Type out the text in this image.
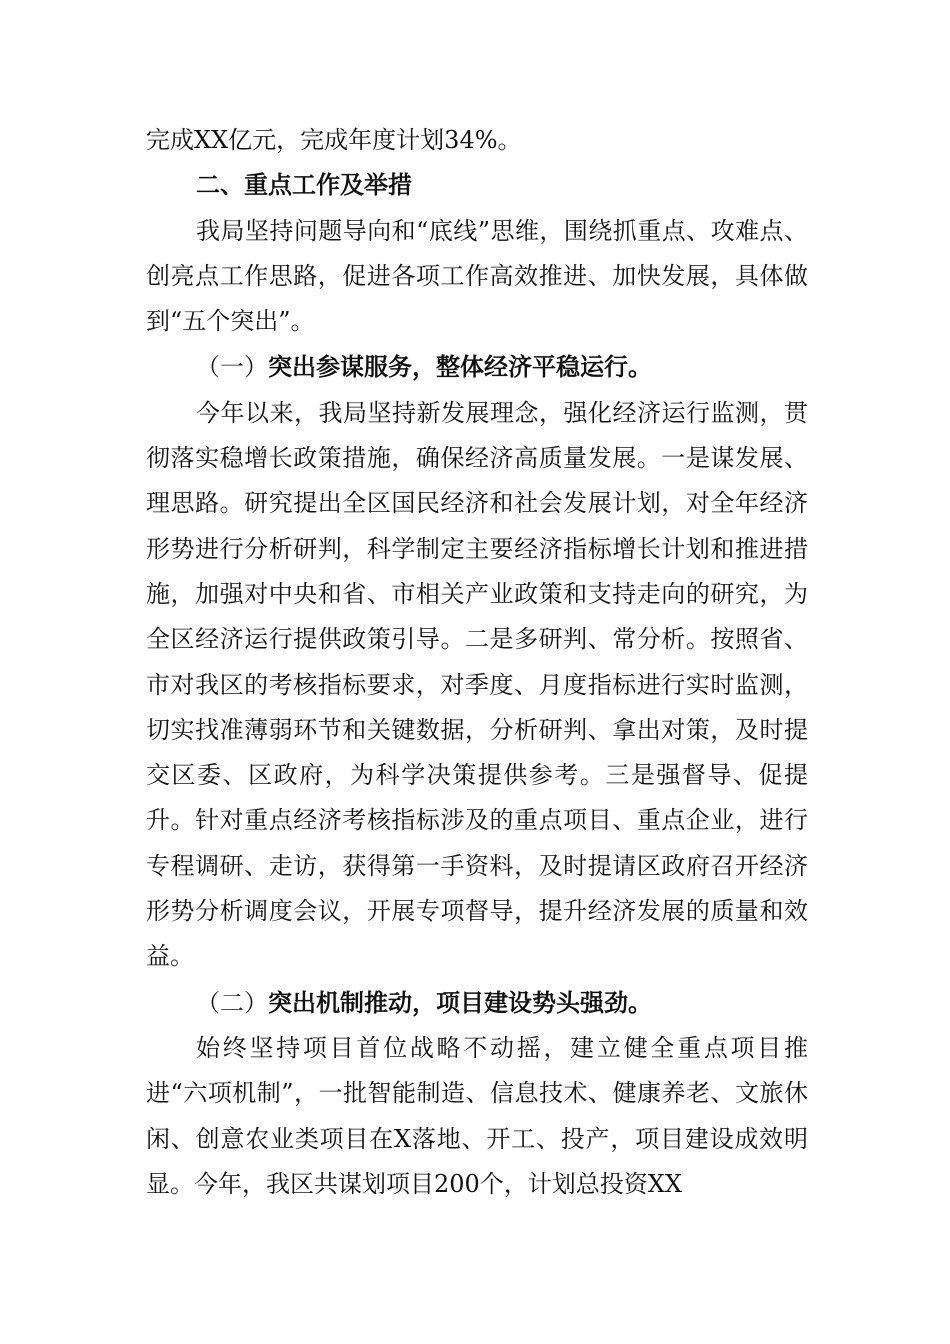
完成XX亿元，完成年度计划34%。

二、重点工作及举措

我局坚持问题导向和“底线”思维，围绕抓重点、攻难点、创亮点工作思路，促进各项工作高效推进、加快发展，具体做到“五个突出”。

（一）突出参谋服务，整体经济平稳运行。

今年以来，我局坚持新发展理念，强化经济运行监测，贯彻落实稳增长政策措施，确保经济高质量发展。一是谋发展、理思路。研究提出全区国民经济和社会发展计划，对全年经济形势进行分析研判，科学制定主要经济指标增长计划和推进措施，加强对中央和省、市相关产业政策和支持走向的研究，为全区经济运行提供政策引导。二是多研判、常分析。按照省、市对我区的考核指标要求，对季度、月度指标进行实时监测，切实找准薄弱环节和关键数据，分析研判、拿出对策，及时提交区委、区政府，为科学决策提供参考。三是强督导、促提升。针对重点经济考核指标涉及的重点项目、重点企业，进行专程调研、走访，获得第一手资料，及时提请区政府召开经济形势分析调度会议，开展专项督导，提升经济发展的质量和效益。

（二）突出机制推动，项目建设势头强劲。

始终坚持项目首位战略不动摇，建立健全重点项目推进“六项机制”，一批智能制造、信息技术、健康养老、文旅休闲、创意农业类项目在X落地、开工、投产，项目建设成效明显。今年，我区共谋划项目200个，计划总投资XX
